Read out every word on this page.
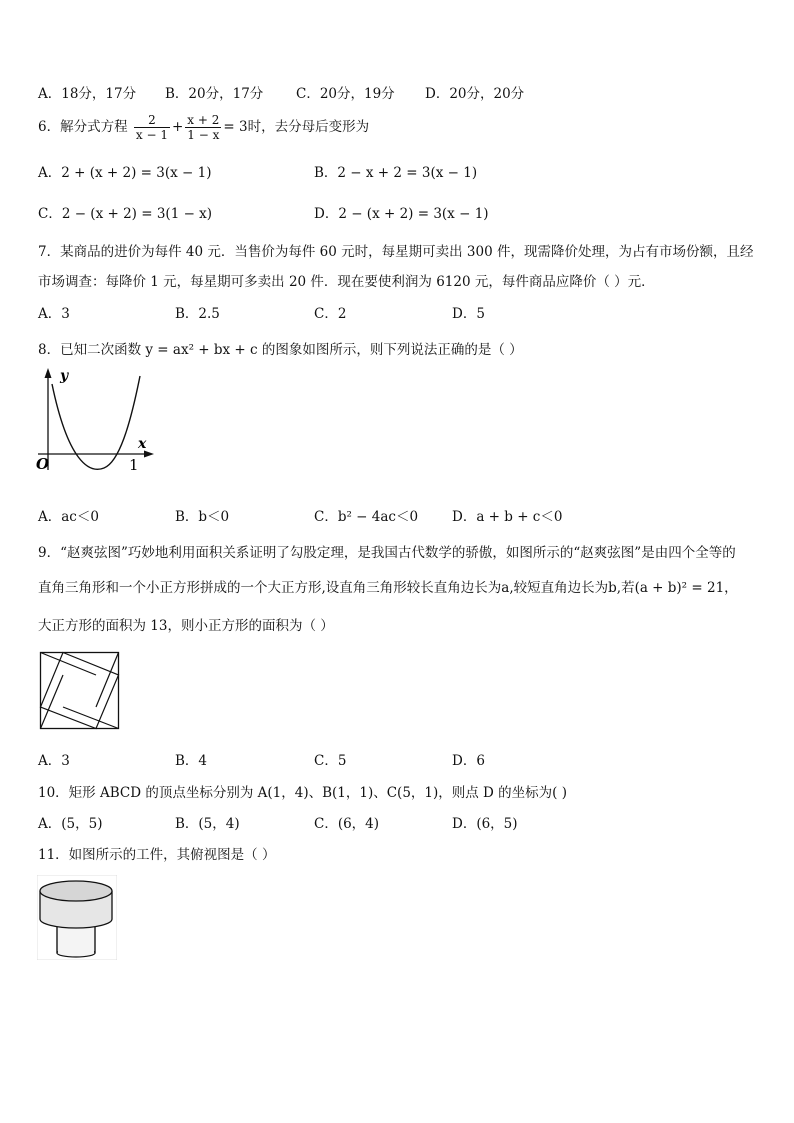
A．18分，17分 B．20分，17分 C．20分，19分 D．20分，20分
6．解分式方程 $\frac{2}{x - 1} + \frac{x + 2}{1 - x} = 3$时，去分母后变形为
A．2 + (x + 2) = 3(x − 1)	B．2 − x + 2 = 3(x − 1)
C．2 − (x + 2) = 3(1 − x)	D．2 − (x + 2) = 3(x − 1)
7．某商品的进价为每件 40 元．当售价为每件 60 元时，每星期可卖出 300 件，现需降价处理，为占有市场份额，且经
市场调查：每降价 1 元，每星期可多卖出 20 件．现在要使利润为 6120 元，每件商品应降价（ ）元．
A．3	B．2.5	C．2	D．5
8．已知二次函数 y = ax² + bx + c 的图象如图所示，则下列说法正确的是（ ）
y
x
O	1
A．ac＜0	B．b＜0	C．b² − 4ac＜0	D．a + b + c＜0
9．“赵爽弦图”巧妙地利用面积关系证明了勾股定理，是我国古代数学的骄傲，如图所示的“赵爽弦图”是由四个全等的
直角三角形和一个小正方形拼成的一个大正方形,设直角三角形较长直角边长为a,较短直角边长为b,若(a + b)² = 21，
大正方形的面积为 13，则小正方形的面积为（ ）
A．3	B．4	C．5	D．6
10．矩形 ABCD 的顶点坐标分别为 A(1，4)、B(1，1)、C(5，1)，则点 D 的坐标为( )
A．(5，5)	B．(5，4)	C．(6，4)	D．(6，5)
11．如图所示的工件，其俯视图是（ ）
